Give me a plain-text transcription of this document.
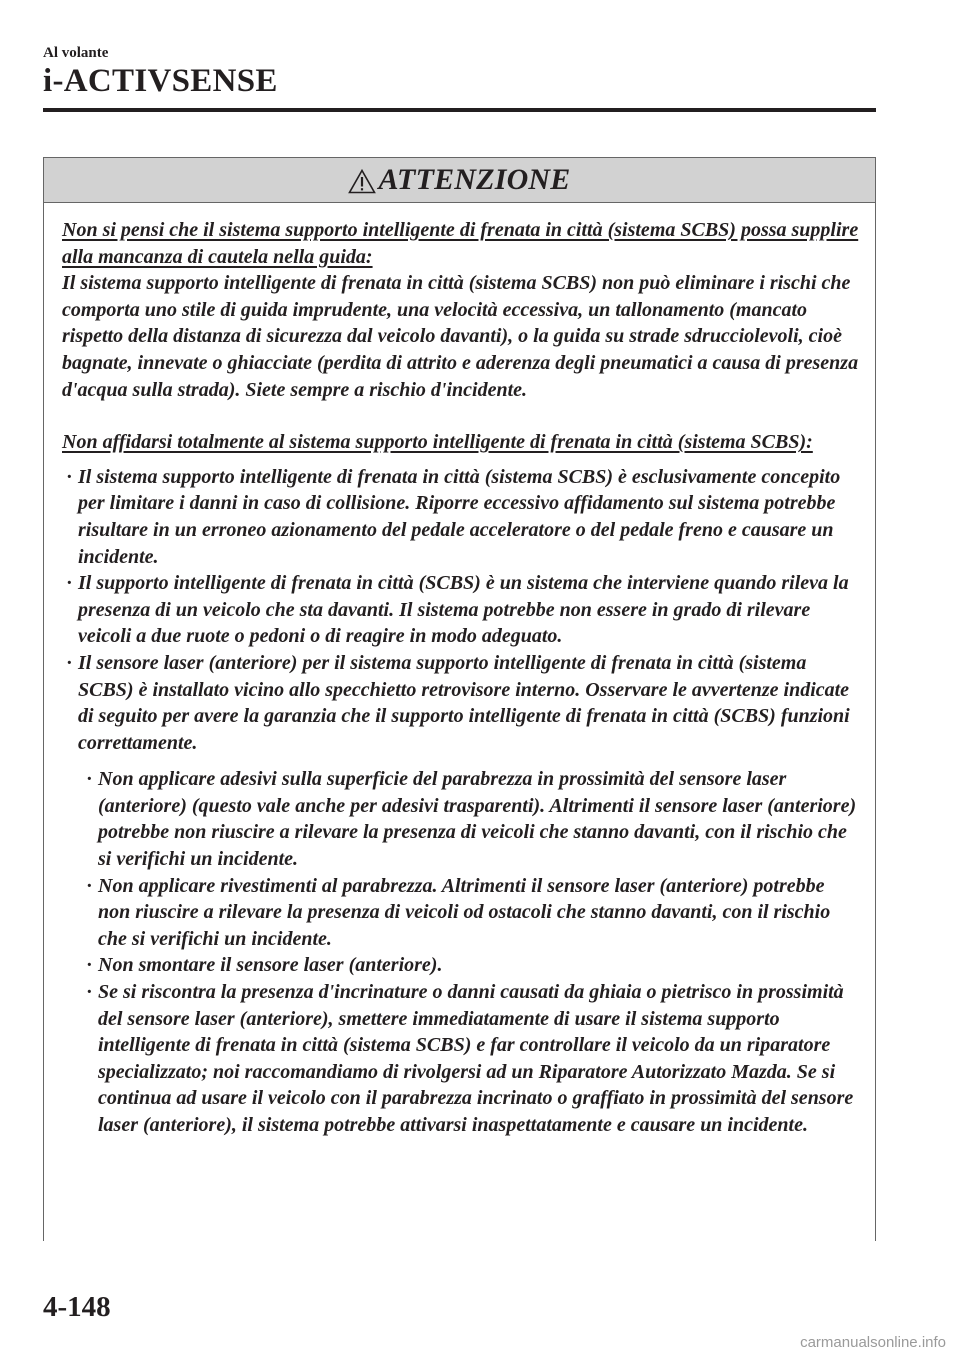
Al volante
i-ACTIVSENSE
ATTENZIONE

Non si pensi che il sistema supporto intelligente di frenata in città (sistema SCBS) possa supplire alla mancanza di cautela nella guida:

Il sistema supporto intelligente di frenata in città (sistema SCBS) non può eliminare i rischi che comporta uno stile di guida imprudente, una velocità eccessiva, un tallonamento (mancato rispetto della distanza di sicurezza dal veicolo davanti), o la guida su strade sdrucciolevoli, cioè bagnate, innevate o ghiacciate (perdita di attrito e aderenza degli pneumatici a causa di presenza d'acqua sulla strada). Siete sempre a rischio d'incidente.

Non affidarsi totalmente al sistema supporto intelligente di frenata in città (sistema SCBS):

· Il sistema supporto intelligente di frenata in città (sistema SCBS) è esclusivamente concepito per limitare i danni in caso di collisione. Riporre eccessivo affidamento sul sistema potrebbe risultare in un erroneo azionamento del pedale acceleratore o del pedale freno e causare un incidente.
· Il supporto intelligente di frenata in città (SCBS) è un sistema che interviene quando rileva la presenza di un veicolo che sta davanti. Il sistema potrebbe non essere in grado di rilevare veicoli a due ruote o pedoni o di reagire in modo adeguato.
· Il sensore laser (anteriore) per il sistema supporto intelligente di frenata in città (sistema SCBS) è installato vicino allo specchietto retrovisore interno. Osservare le avvertenze indicate di seguito per avere la garanzia che il supporto intelligente di frenata in città (SCBS) funzioni correttamente.
· Non applicare adesivi sulla superficie del parabrezza in prossimità del sensore laser (anteriore) (questo vale anche per adesivi trasparenti). Altrimenti il sensore laser (anteriore) potrebbe non riuscire a rilevare la presenza di veicoli che stanno davanti, con il rischio che si verifichi un incidente.
· Non applicare rivestimenti al parabrezza. Altrimenti il sensore laser (anteriore) potrebbe non riuscire a rilevare la presenza di veicoli od ostacoli che stanno davanti, con il rischio che si verifichi un incidente.
· Non smontare il sensore laser (anteriore).
· Se si riscontra la presenza d'incrinature o danni causati da ghiaia o pietrisco in prossimità del sensore laser (anteriore), smettere immediatamente di usare il sistema supporto intelligente di frenata in città (sistema SCBS) e far controllare il veicolo da un riparatore specializzato; noi raccomandiamo di rivolgersi ad un Riparatore Autorizzato Mazda. Se si continua ad usare il veicolo con il parabrezza incrinato o graffiato in prossimità del sensore laser (anteriore), il sistema potrebbe attivarsi inaspettatamente e causare un incidente.
4-148
carmanualsonline.info
